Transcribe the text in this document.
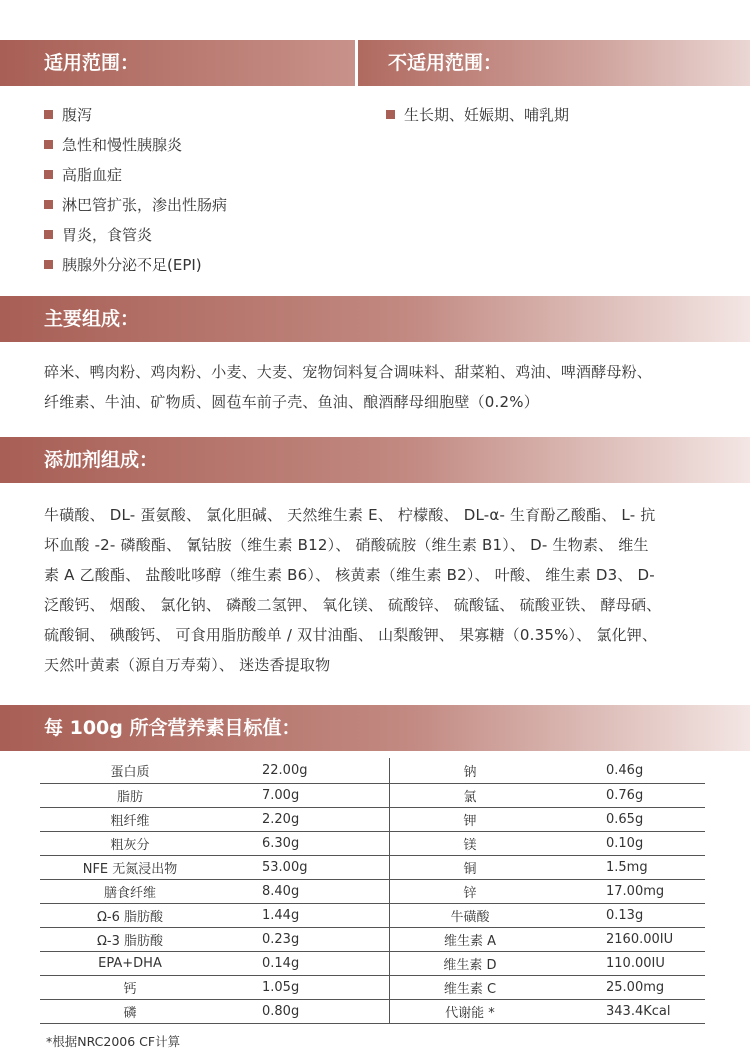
适用范围：	不适用范围：
腹泻
急性和慢性胰腺炎
高脂血症
淋巴管扩张，渗出性肠病
胃炎，食管炎
胰腺外分泌不足(EPI)
生长期、妊娠期、哺乳期
主要组成：
碎米、鸭肉粉、鸡肉粉、小麦、大麦、宠物饲料复合调味料、甜菜粕、鸡油、啤酒酵母粉、
纤维素、牛油、矿物质、圆苞车前子壳、鱼油、酿酒酵母细胞壁（0.2%）
添加剂组成：
牛磺酸、 DL- 蛋氨酸、 氯化胆碱、 天然维生素 E、 柠檬酸、 DL-α- 生育酚乙酸酯、 L- 抗
坏血酸 -2- 磷酸酯、 氰钴胺（维生素 B12）、 硝酸硫胺（维生素 B1）、 D- 生物素、 维生
素 A 乙酸酯、 盐酸吡哆醇（维生素 B6）、 核黄素（维生素 B2）、 叶酸、 维生素 D3、 D-
泛酸钙、 烟酸、 氯化钠、 磷酸二氢钾、 氧化镁、 硫酸锌、 硫酸锰、 硫酸亚铁、 酵母硒、
硫酸铜、 碘酸钙、 可食用脂肪酸单 / 双甘油酯、 山梨酸钾、 果寡糖（0.35%）、 氯化钾、
天然叶黄素（源自万寿菊）、 迷迭香提取物
每 100g 所含营养素目标值：
蛋白质	22.00g	钠	0.46g
脂肪	7.00g	氯	0.76g
粗纤维	2.20g	钾	0.65g
粗灰分	6.30g	镁	0.10g
NFE 无氮浸出物	53.00g	铜	1.5mg
膳食纤维	8.40g	锌	17.00mg
Ω-6 脂肪酸	1.44g	牛磺酸	0.13g
Ω-3 脂肪酸	0.23g	维生素 A	2160.00IU
EPA+DHA	0.14g	维生素 D	110.00IU
钙	1.05g	维生素 C	25.00mg
磷	0.80g	代谢能 *	343.4Kcal
*根据NRC2006 CF计算
